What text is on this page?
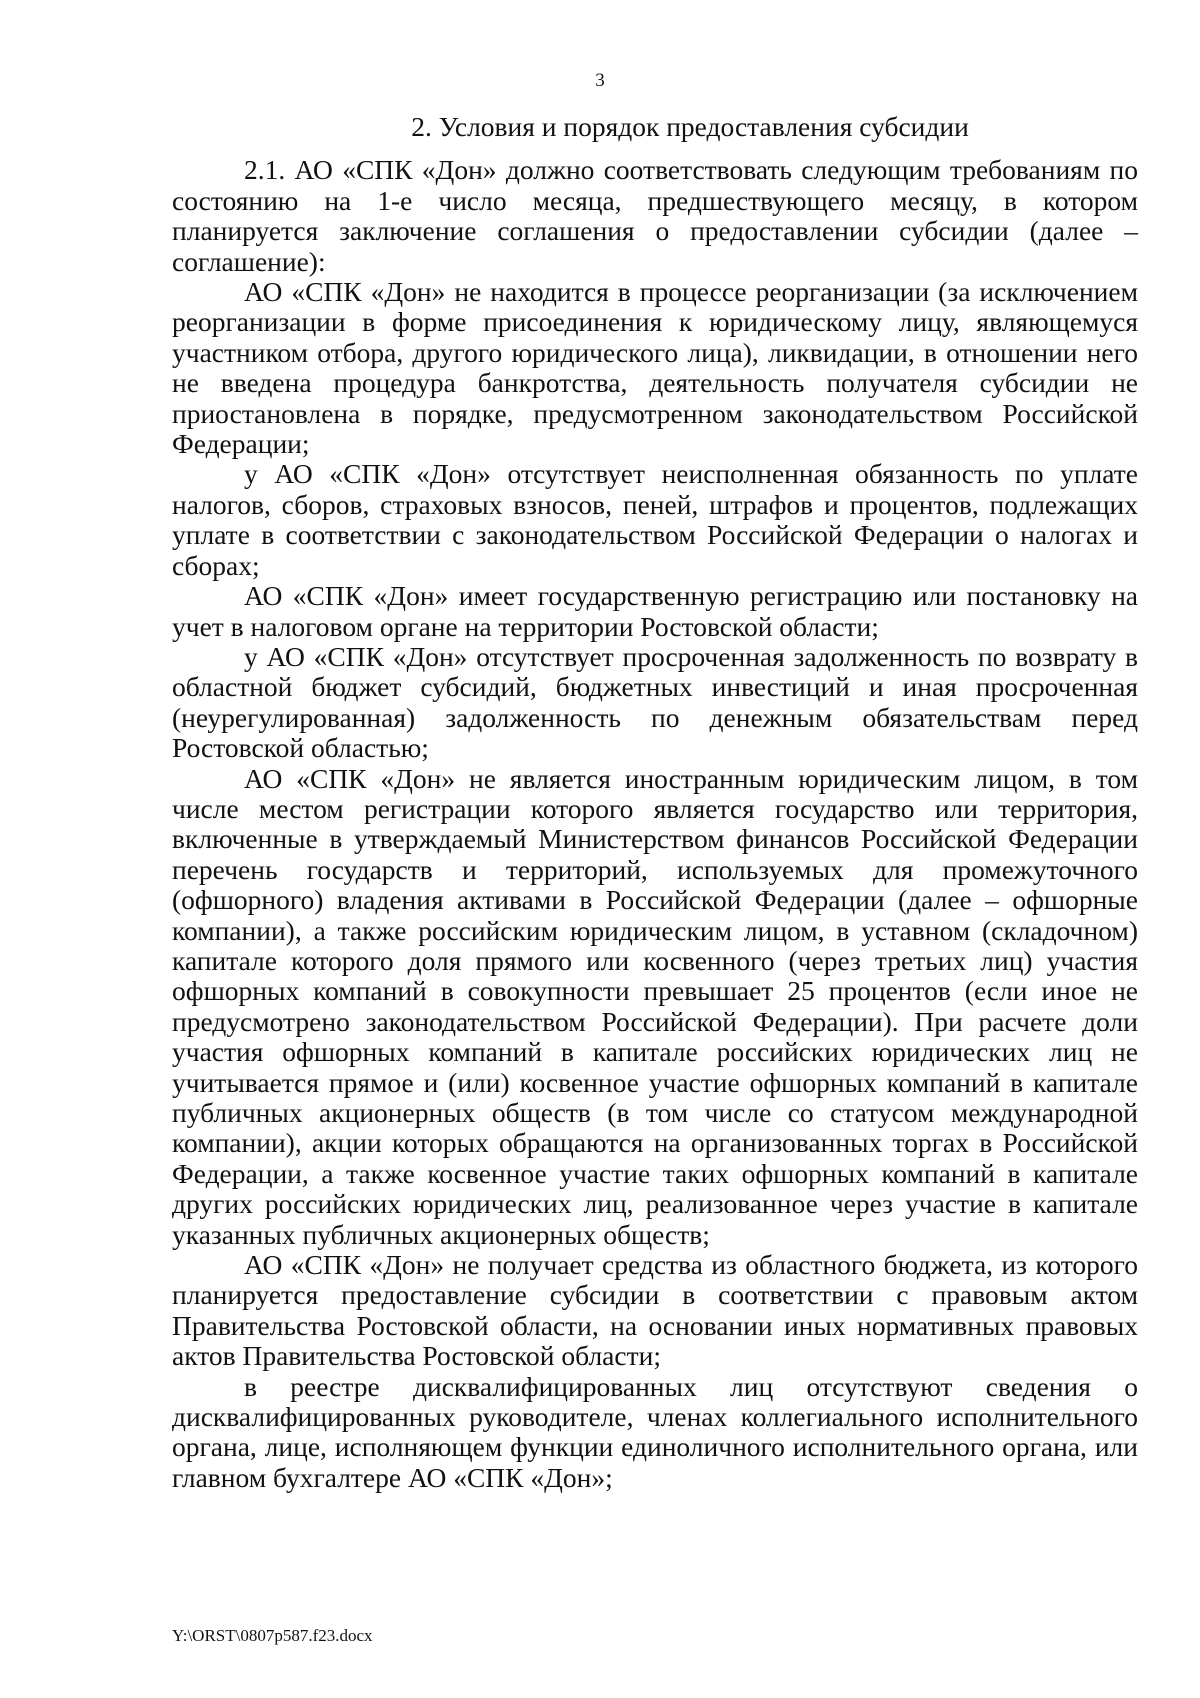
3
2. Условия и порядок предоставления субсидии

2.1. АО «СПК «Дон» должно соответствовать следующим требованиям по состоянию на 1-е число месяца, предшествующего месяцу, в котором планируется заключение соглашения о предоставлении субсидии (далее – соглашение):

АО «СПК «Дон» не находится в процессе реорганизации (за исключением реорганизации в форме присоединения к юридическому лицу, являющемуся участником отбора, другого юридического лица), ликвидации, в отношении него не введена процедура банкротства, деятельность получателя субсидии не приостановлена в порядке, предусмотренном законодательством Российской Федерации;

у АО «СПК «Дон» отсутствует неисполненная обязанность по уплате налогов, сборов, страховых взносов, пеней, штрафов и процентов, подлежащих уплате в соответствии с законодательством Российской Федерации о налогах и сборах;

АО «СПК «Дон» имеет государственную регистрацию или постановку на учет в налоговом органе на территории Ростовской области;

у АО «СПК «Дон» отсутствует просроченная задолженность по возврату в областной бюджет субсидий, бюджетных инвестиций и иная просроченная (неурегулированная) задолженность по денежным обязательствам перед Ростовской областью;

АО «СПК «Дон» не является иностранным юридическим лицом, в том числе местом регистрации которого является государство или территория, включенные в утверждаемый Министерством финансов Российской Федерации перечень государств и территорий, используемых для промежуточного (офшорного) владения активами в Российской Федерации (далее – офшорные компании), а также российским юридическим лицом, в уставном (складочном) капитале которого доля прямого или косвенного (через третьих лиц) участия офшорных компаний в совокупности превышает 25 процентов (если иное не предусмотрено законодательством Российской Федерации). При расчете доли участия офшорных компаний в капитале российских юридических лиц не учитывается прямое и (или) косвенное участие офшорных компаний в капитале публичных акционерных обществ (в том числе со статусом международной компании), акции которых обращаются на организованных торгах в Российской Федерации, а также косвенное участие таких офшорных компаний в капитале других российских юридических лиц, реализованное через участие в капитале указанных публичных акционерных обществ;

АО «СПК «Дон» не получает средства из областного бюджета, из которого планируется предоставление субсидии в соответствии с правовым актом Правительства Ростовской области, на основании иных нормативных правовых актов Правительства Ростовской области;

в реестре дисквалифицированных лиц отсутствуют сведения о дисквалифицированных руководителе, членах коллегиального исполнительного органа, лице, исполняющем функции единоличного исполнительного органа, или главном бухгалтере АО «СПК «Дон»;

Y:\ORST\0807p587.f23.docx
